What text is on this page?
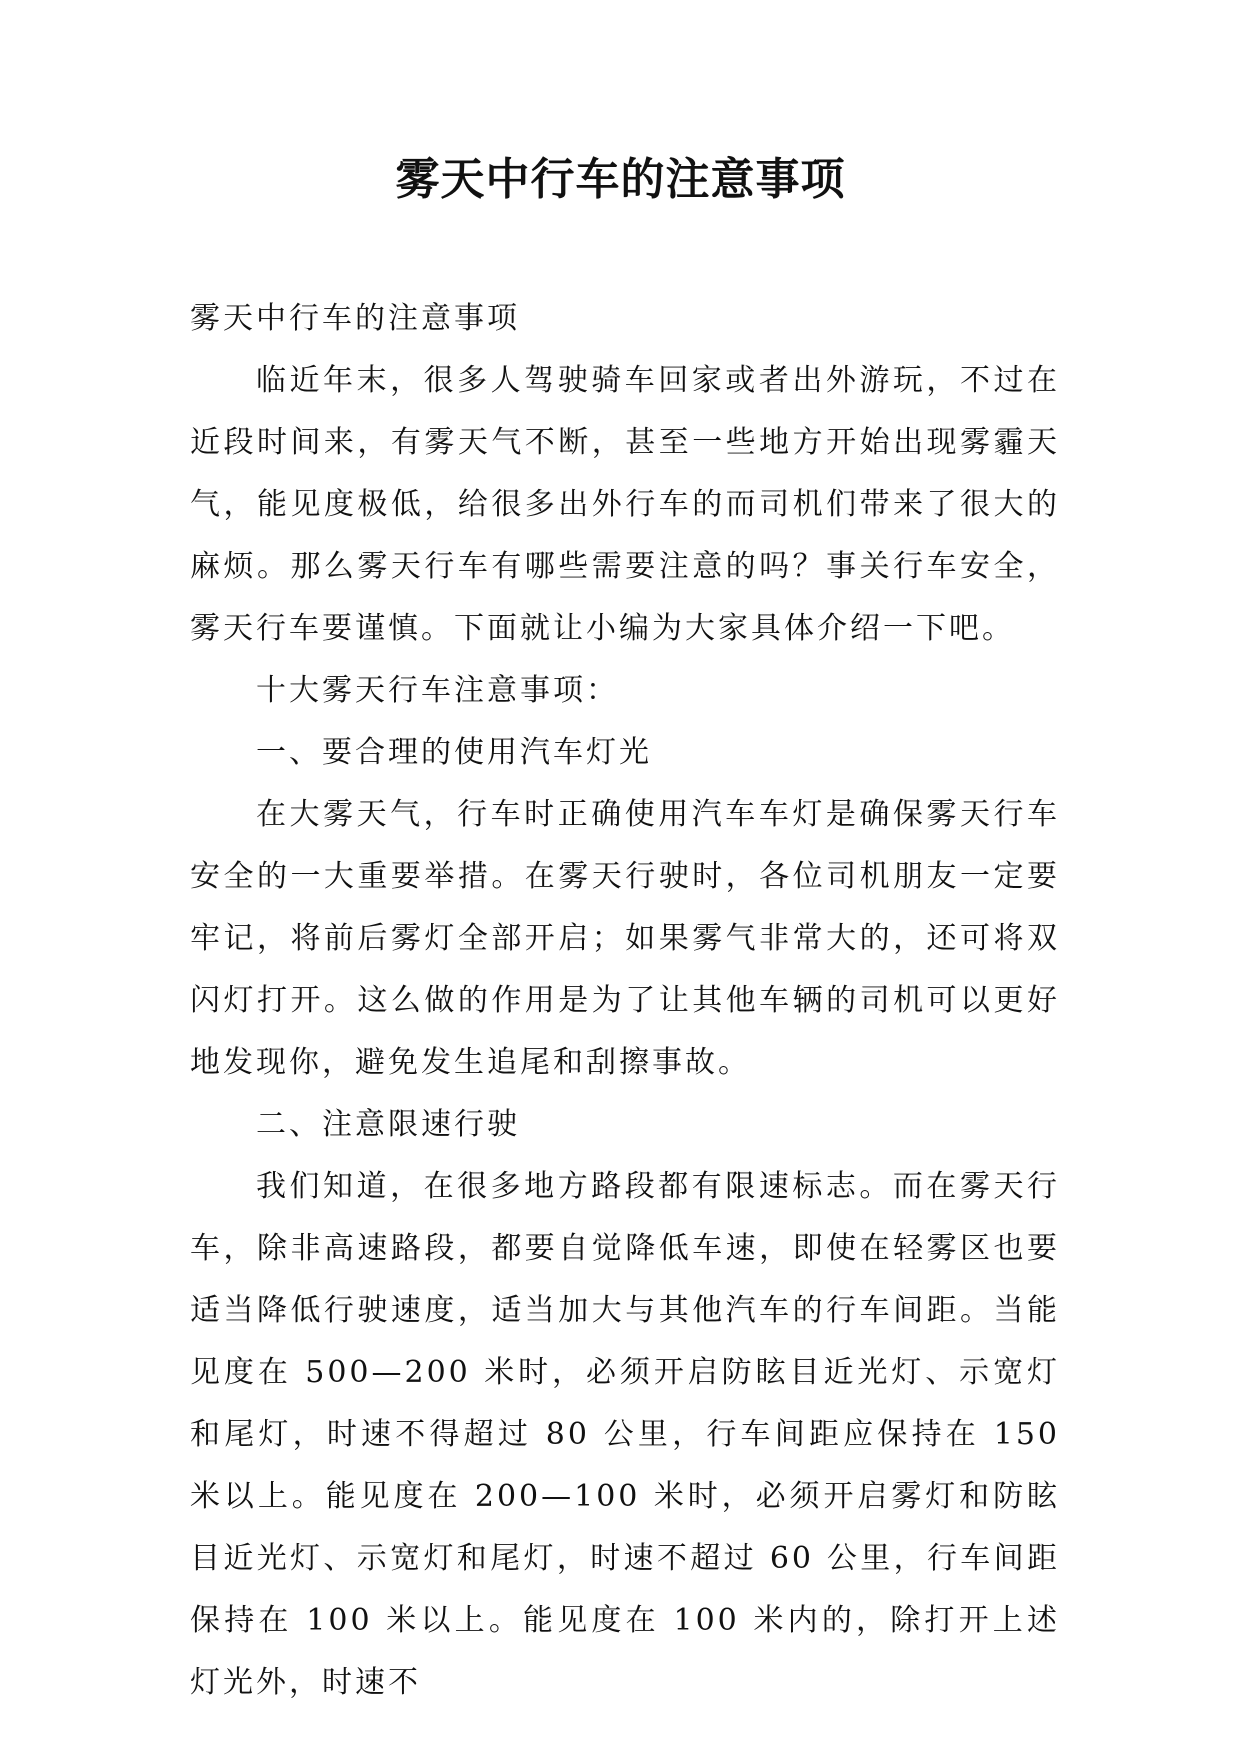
雾天中行车的注意事项

雾天中行车的注意事项

临近年末，很多人驾驶骑车回家或者出外游玩，不过在近段时间来，有雾天气不断，甚至一些地方开始出现雾霾天气，能见度极低，给很多出外行车的而司机们带来了很大的麻烦。那么雾天行车有哪些需要注意的吗？事关行车安全，雾天行车要谨慎。下面就让小编为大家具体介绍一下吧。

十大雾天行车注意事项：

一、要合理的使用汽车灯光

在大雾天气，行车时正确使用汽车车灯是确保雾天行车安全的一大重要举措。在雾天行驶时，各位司机朋友一定要牢记，将前后雾灯全部开启；如果雾气非常大的，还可将双闪灯打开。这么做的作用是为了让其他车辆的司机可以更好地发现你，避免发生追尾和刮擦事故。

二、注意限速行驶

我们知道，在很多地方路段都有限速标志。而在雾天行车，除非高速路段，都要自觉降低车速，即使在轻雾区也要适当降低行驶速度，适当加大与其他汽车的行车间距。当能见度在 500—200 米时，必须开启防眩目近光灯、示宽灯和尾灯，时速不得超过 80 公里，行车间距应保持在 150 米以上。能见度在 200—100 米时，必须开启雾灯和防眩目近光灯、示宽灯和尾灯，时速不超过 60 公里，行车间距保持在 100 米以上。能见度在 100 米内的，除打开上述灯光外，时速不
